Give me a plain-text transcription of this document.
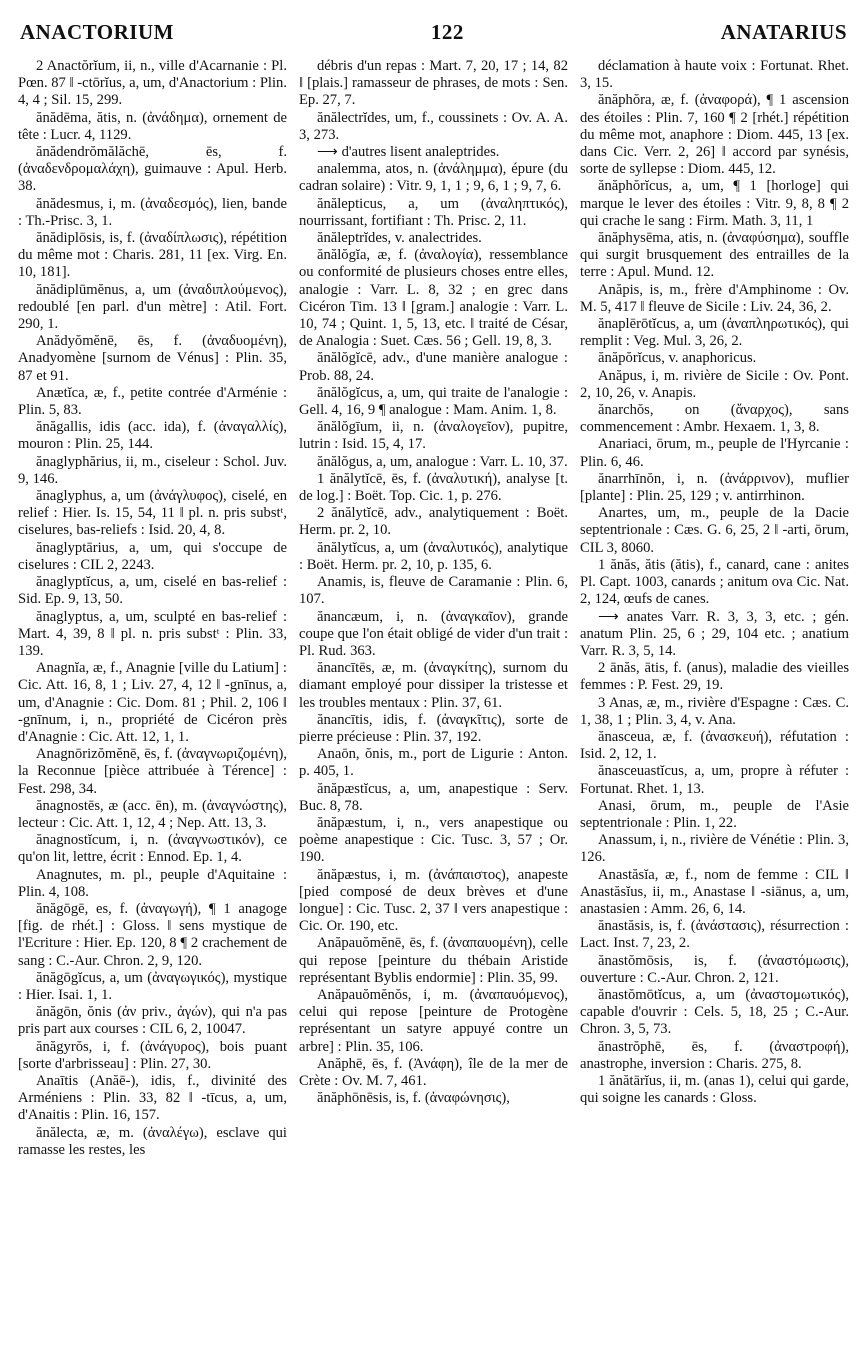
ANACTORIUM	122	ANATARIUS

2 Anactŏrĭum, ii, n., ville d'Acarnanie : Pl. Pœn. 87 ‖ -ctōrĭus, a, um, d'Anactorium : Plin. 4, 4 ; Sil. 15, 299.

ănădēma, ătis, n. (ἀνάδημα), ornement de tête : Lucr. 4, 1129.

ănădendrŏmălăchē, ēs, f. (ἀναδενδρομαλάχη), guimauve : Apul. Herb. 38.

ănădesmus, i, m. (ἀναδεσμός), lien, bande : Th.-Prisc. 3, 1.

ănădiplōsis, is, f. (ἀναδίπλωσις), répétition du même mot : Charis. 281, 11 [ex. Virg. En. 10, 181].

ănădiplūmĕnus, a, um (ἀναδιπλούμενος), redoublé [en parl. d'un mètre] : Atil. Fort. 290, 1.

Anădyŏmĕnē, ēs, f. (ἀναδυομένη), Anadyomène [surnom de Vénus] : Plin. 35, 87 et 91.

Anætĭca, æ, f., petite contrée d'Arménie : Plin. 5, 83.

ănăgallis, idis (acc. ida), f. (ἀναγαλλίς), mouron : Plin. 25, 144.

ănaglyphărius, ii, m., ciseleur : Schol. Juv. 9, 146.

ănaglyphus, a, um (ἀνάγλυφος), ciselé, en relief : Hier. Is. 15, 54, 11 ‖ pl. n. pris substᵗ, ciselures, bas-reliefs : Isid. 20, 4, 8.

ănaglyptārius, a, um, qui s'occupe de ciselures : CIL 2, 2243.

ănaglyptĭcus, a, um, ciselé en bas-relief : Sid. Ep. 9, 13, 50.

ănaglyptus, a, um, sculpté en bas-relief : Mart. 4, 39, 8 ‖ pl. n. pris substᵗ : Plin. 33, 139.

Anagnĭa, æ, f., Anagnie [ville du Latium] : Cic. Att. 16, 8, 1 ; Liv. 27, 4, 12 ‖ -gnīnus, a, um, d'Anagnie : Cic. Dom. 81 ; Phil. 2, 106 ‖ -gnīnum, i, n., propriété de Cicéron près d'Anagnie : Cic. Att. 12, 1, 1.

Anagnōrizŏmĕnē, ēs, f. (ἀναγνωριζομένη), la Reconnue [pièce attribuée à Térence] : Fest. 298, 34.

ănagnostēs, æ (acc. ēn), m. (ἀναγνώστης), lecteur : Cic. Att. 1, 12, 4 ; Nep. Att. 13, 3.

ănagnostĭcum, i, n. (ἀναγνωστικόν), ce qu'on lit, lettre, écrit : Ennod. Ep. 1, 4.

Anagnutes, m. pl., peuple d'Aquitaine : Plin. 4, 108.

ănăgōgē, es, f. (ἀναγωγή), ¶ 1 anagoge [fig. de rhét.] : Gloss. ‖ sens mystique de l'Ecriture : Hier. Ep. 120, 8 ¶ 2 crachement de sang : C.-Aur. Chron. 2, 9, 120.

ănăgōgĭcus, a, um (ἀναγωγικός), mystique : Hier. Isai. 1, 1.

ănăgōn, ŏnis (ἀν priv., ἀγών), qui n'a pas pris part aux courses : CIL 6, 2, 10047.

ănăgyrŏs, i, f. (ἀνάγυρος), bois puant [sorte d'arbrisseau] : Plin. 27, 30.

Anaītis (Anăē-), idis, f., divinité des Arméniens : Plin. 33, 82 ‖ -tīcus, a, um, d'Anaitis : Plin. 16, 157.

ănălecta, æ, m. (ἀναλέγω), esclave qui ramasse les restes, les

débris d'un repas : Mart. 7, 20, 17 ; 14, 82 ‖ [plais.] ramasseur de phrases, de mots : Sen. Ep. 27, 7.

ănălectrĭdes, um, f., coussinets : Ov. A. A. 3, 273.

⟶ d'autres lisent analeptrides.

analemma, atos, n. (ἀνάλημμα), épure (du cadran solaire) : Vitr. 9, 1, 1 ; 9, 6, 1 ; 9, 7, 6.

ănălepticus, a, um (ἀναληπτικός), nourrissant, fortifiant : Th. Prisc. 2, 11.

ănăleptrĭdes, v. analectrides.

ănălŏgĭa, æ, f. (ἀναλογία), ressemblance ou conformité de plusieurs choses entre elles, analogie : Varr. L. 8, 32 ; en grec dans Cicéron Tim. 13 ‖ [gram.] analogie : Varr. L. 10, 74 ; Quint. 1, 5, 13, etc. ‖ traité de César, de Analogia : Suet. Cæs. 56 ; Gell. 19, 8, 3.

ănălŏgĭcē, adv., d'une manière analogue : Prob. 88, 24.

ănălŏgĭcus, a, um, qui traite de l'analogie : Gell. 4, 16, 9 ¶ analogue : Mam. Anim. 1, 8.

ănălŏgīum, ii, n. (ἀναλογεῖον), pupitre, lutrin : Isid. 15, 4, 17.

ănălŏgus, a, um, analogue : Varr. L. 10, 37.

1 ănălytĭcē, ēs, f. (ἀναλυτική), analyse [t. de log.] : Boët. Top. Cic. 1, p. 276.

2 ănălytĭcē, adv., analytiquement : Boët. Herm. pr. 2, 10.

ănălytĭcus, a, um (ἀναλυτικός), analytique : Boët. Herm. pr. 2, 10, p. 135, 6.

Anamis, is, fleuve de Caramanie : Plin. 6, 107.

ănancæum, i, n. (ἀναγκαῖον), grande coupe que l'on était obligé de vider d'un trait : Pl. Rud. 363.

ănancītēs, æ, m. (ἀναγκίτης), surnom du diamant employé pour dissiper la tristesse et les troubles mentaux : Plin. 37, 61.

ănancītis, idis, f. (ἀναγκῖτις), sorte de pierre précieuse : Plin. 37, 192.

Anaōn, ŏnis, m., port de Ligurie : Anton. p. 405, 1.

ănăpæstĭcus, a, um, anapestique : Serv. Buc. 8, 78.

ănăpæstum, i, n., vers anapestique ou poème anapestique : Cic. Tusc. 3, 57 ; Or. 190.

ănăpæstus, i, m. (ἀνάπαιστος), anapeste [pied composé de deux brèves et d'une longue] : Cic. Tusc. 2, 37 ‖ vers anapestique : Cic. Or. 190, etc.

Anăpauŏmĕnē, ēs, f. (ἀναπαυομένη), celle qui repose [peinture du thébain Aristide représentant Byblis endormie] : Plin. 35, 99.

Anăpauŏmĕnŏs, i, m. (ἀναπαυόμενος), celui qui repose [peinture de Protogène représentant un satyre appuyé contre un arbre] : Plin. 35, 106.

Anăphē, ēs, f. (Ἀνάφη), île de la mer de Crète : Ov. M. 7, 461.

ănăphōnēsis, is, f. (ἀναφώνησις),

déclamation à haute voix : Fortunat. Rhet. 3, 15.

ănăphŏra, æ, f. (ἀναφορά), ¶ 1 ascension des étoiles : Plin. 7, 160 ¶ 2 [rhét.] répétition du même mot, anaphore : Diom. 445, 13 [ex. dans Cic. Verr. 2, 26] ‖ accord par synésis, sorte de syllepse : Diom. 445, 12.

ănăphŏrĭcus, a, um, ¶ 1 [horloge] qui marque le lever des étoiles : Vitr. 9, 8, 8 ¶ 2 qui crache le sang : Firm. Math. 3, 11, 1

ănăphysēma, atis, n. (ἀναφύσημα), souffle qui surgit brusquement des entrailles de la terre : Apul. Mund. 12.

Anăpis, is, m., frère d'Amphinome : Ov. M. 5, 417 ‖ fleuve de Sicile : Liv. 24, 36, 2.

ănaplērōtĭcus, a, um (ἀναπληρωτικός), qui remplit : Veg. Mul. 3, 26, 2.

ănăpŏrĭcus, v. anaphoricus.

Anăpus, i, m. rivière de Sicile : Ov. Pont. 2, 10, 26, v. Anapis.

ănarchŏs, on (ἄναρχος), sans commencement : Ambr. Hexaem. 1, 3, 8.

Anariaci, ōrum, m., peuple de l'Hyrcanie : Plin. 6, 46.

ănarrhīnŏn, i, n. (ἀνάρρινον), muflier [plante] : Plin. 25, 129 ; v. antirrhinon.

Anartes, um, m., peuple de la Dacie septentrionale : Cæs. G. 6, 25, 2 ‖ -arti, ōrum, CIL 3, 8060.

1 ănăs, ătis (ătis), f., canard, cane : anites Pl. Capt. 1003, canards ; anitum ova Cic. Nat. 2, 124, œufs de canes.

⟶ anates Varr. R. 3, 3, 3, etc. ; gén. anatum Plin. 25, 6 ; 29, 104 etc. ; anatium Varr. R. 3, 5, 14.

2 ānăs, ātis, f. (anus), maladie des vieilles femmes : P. Fest. 29, 19.

3 Anas, æ, m., rivière d'Espagne : Cæs. C. 1, 38, 1 ; Plin. 3, 4, v. Ana.

ănasceua, æ, f. (ἀνασκευή), réfutation : Isid. 2, 12, 1.

ănasceuastĭcus, a, um, propre à réfuter : Fortunat. Rhet. 1, 13.

Anasi, ōrum, m., peuple de l'Asie septentrionale : Plin. 1, 22.

Anassum, i, n., rivière de Vénétie : Plin. 3, 126.

Anastăsĭa, æ, f., nom de femme : CIL ‖ Anastăsĭus, ii, m., Anastase ‖ -siānus, a, um, anastasien : Amm. 26, 6, 14.

ănastăsis, is, f. (ἀνάστασις), résurrection : Lact. Inst. 7, 23, 2.

ănastŏmōsis, is, f. (ἀναστόμωσις), ouverture : C.-Aur. Chron. 2, 121.

ănastŏmōtĭcus, a, um (ἀναστομωτικός), capable d'ouvrir : Cels. 5, 18, 25 ; C.-Aur. Chron. 3, 5, 73.

ănastrŏphē, ēs, f. (ἀναστροφή), anastrophe, inversion : Charis. 275, 8.

1 ănătārĭus, ii, m. (anas 1), celui qui garde, qui soigne les canards : Gloss.
